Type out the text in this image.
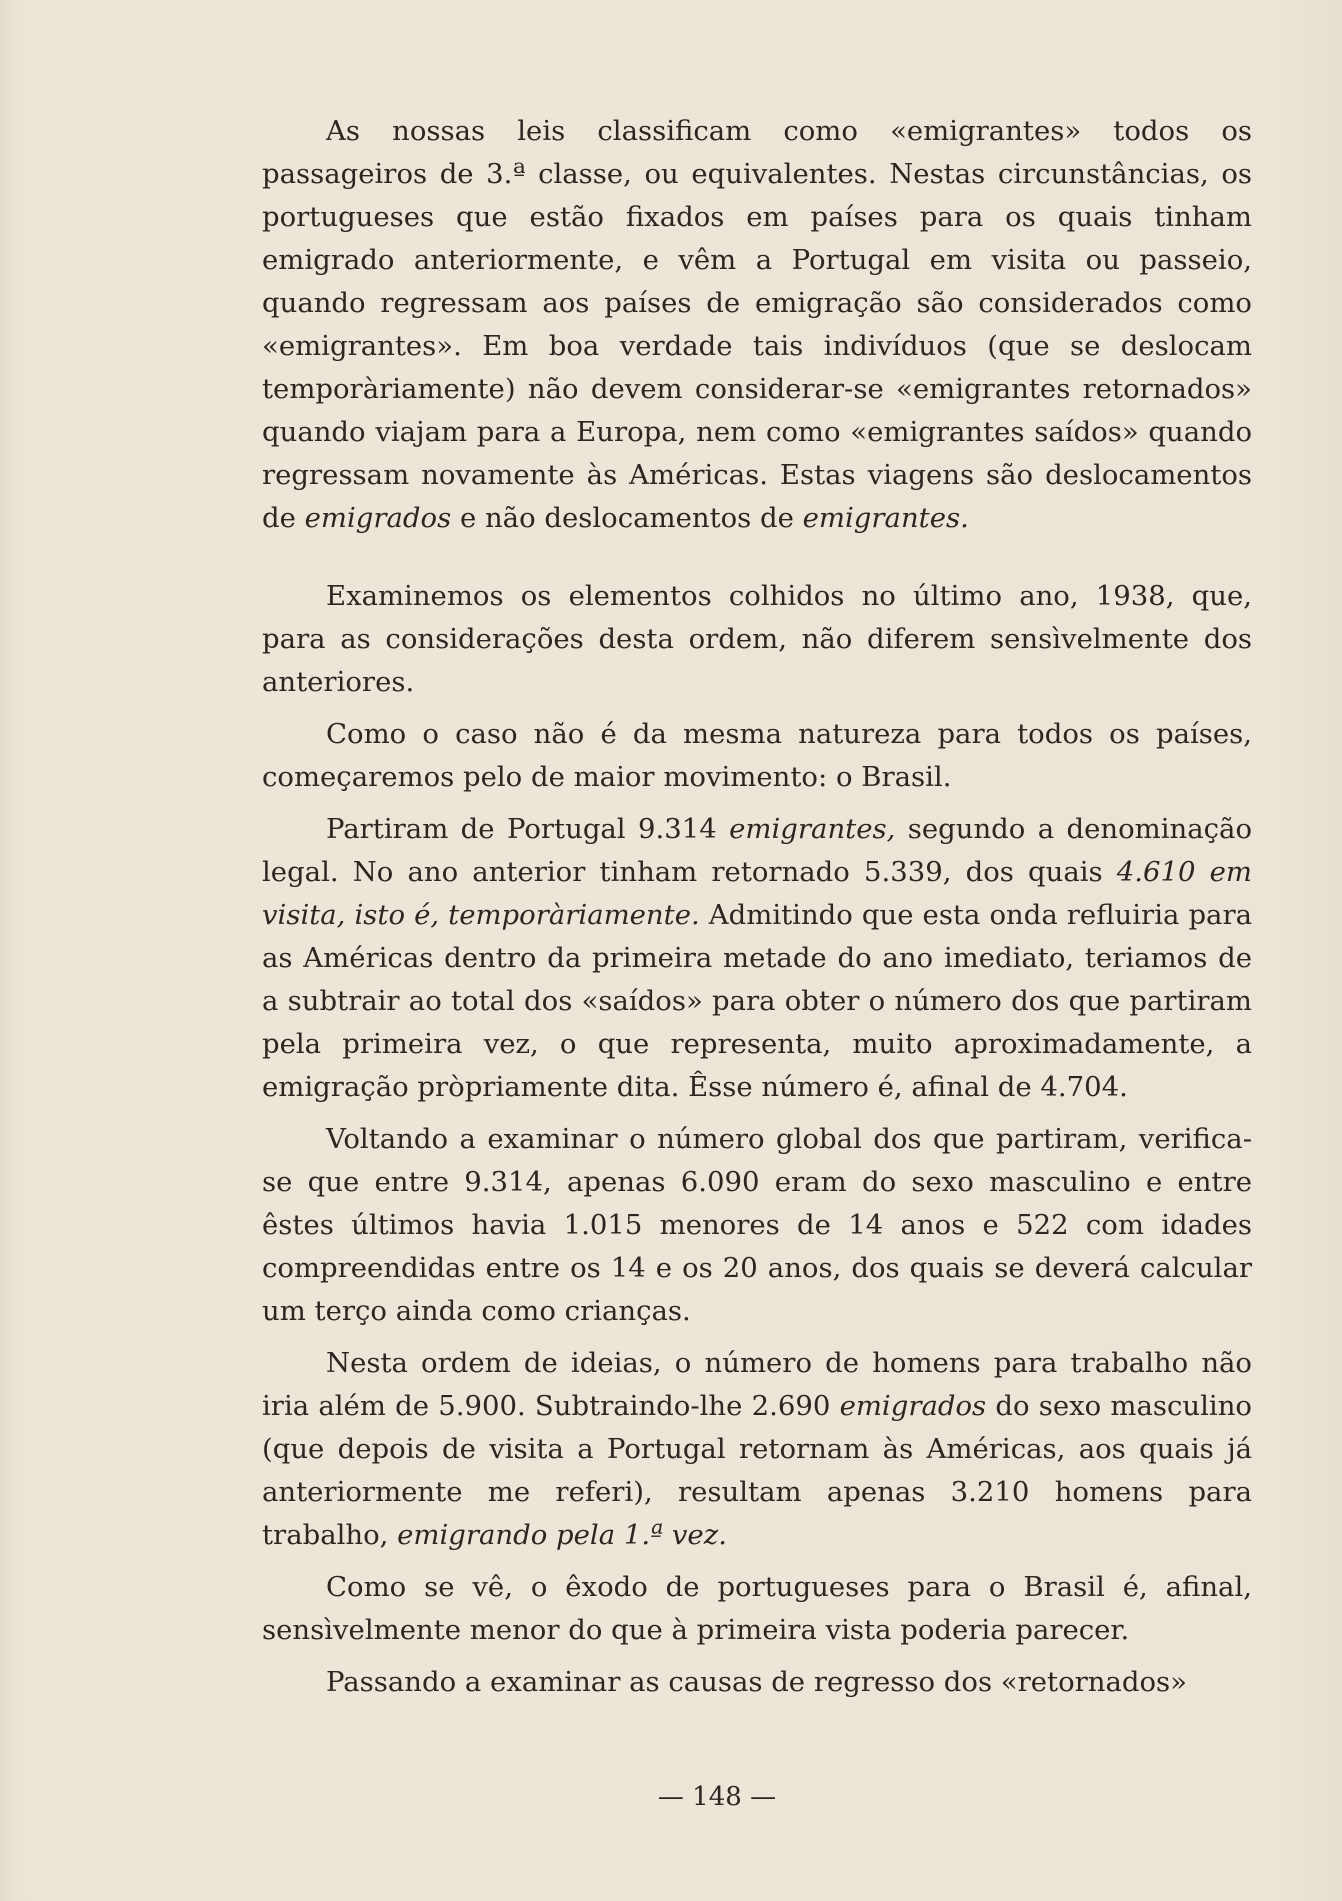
As nossas leis classificam como «emigrantes» todos os passageiros de 3.ª classe, ou equivalentes. Nestas circunstâncias, os portugueses que estão fixados em países para os quais tinham emigrado anteriormente, e vêm a Portugal em visita ou passeio, quando regressam aos países de emigração são considerados como «emigrantes». Em boa verdade tais indivíduos (que se deslocam temporàriamente) não devem considerar-se «emigrantes retornados» quando viajam para a Europa, nem como «emigrantes saídos» quando regressam novamente às Américas. Estas viagens são deslocamentos de emigrados e não deslocamentos de emigrantes.

Examinemos os elementos colhidos no último ano, 1938, que, para as considerações desta ordem, não diferem sensìvelmente dos anteriores.

Como o caso não é da mesma natureza para todos os países, começaremos pelo de maior movimento: o Brasil.

Partiram de Portugal 9.314 emigrantes, segundo a denominação legal. No ano anterior tinham retornado 5.339, dos quais 4.610 em visita, isto é, temporàriamente. Admitindo que esta onda refluiria para as Américas dentro da primeira metade do ano imediato, teriamos de a subtrair ao total dos «saídos» para obter o número dos que partiram pela primeira vez, o que representa, muito aproximadamente, a emigração pròpriamente dita. Êsse número é, afinal de 4.704.

Voltando a examinar o número global dos que partiram, verifica-se que entre 9.314, apenas 6.090 eram do sexo masculino e entre êstes últimos havia 1.015 menores de 14 anos e 522 com idades compreendidas entre os 14 e os 20 anos, dos quais se deverá calcular um terço ainda como crianças.

Nesta ordem de ideias, o número de homens para trabalho não iria além de 5.900. Subtraindo-lhe 2.690 emigrados do sexo masculino (que depois de visita a Portugal retornam às Américas, aos quais já anteriormente me referi), resultam apenas 3.210 homens para trabalho, emigrando pela 1.ª vez.

Como se vê, o êxodo de portugueses para o Brasil é, afinal, sensìvelmente menor do que à primeira vista poderia parecer.

Passando a examinar as causas de regresso dos «retornados»

— 148 —
